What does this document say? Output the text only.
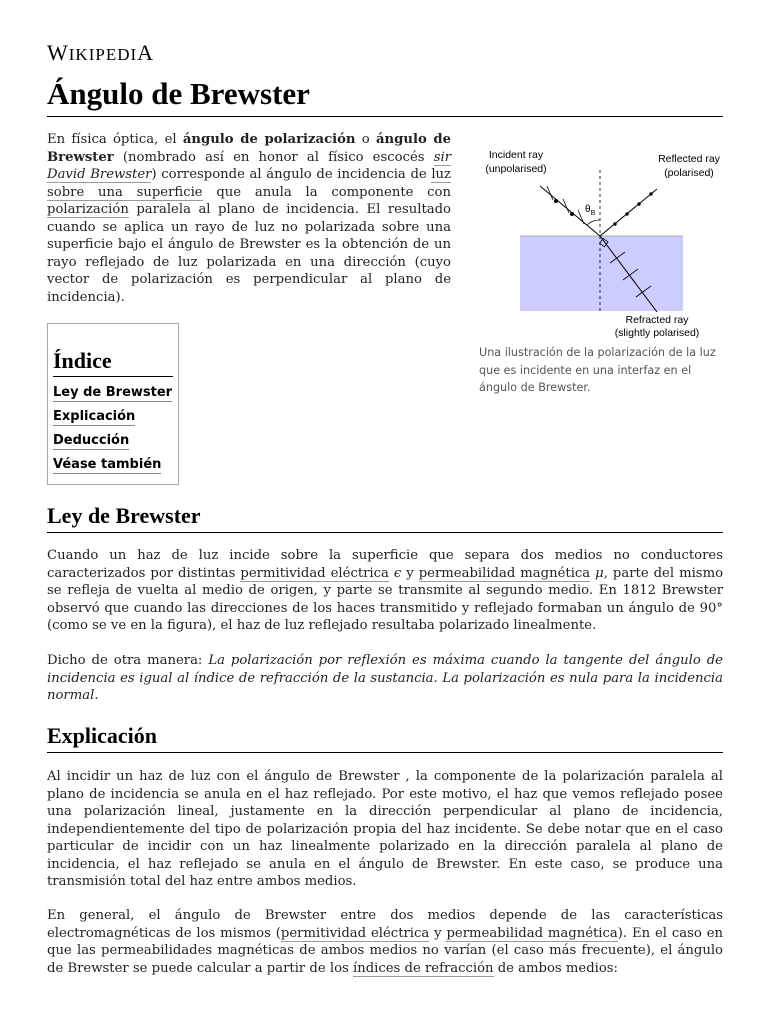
WIKIPEDIA
Ángulo de Brewster

En física óptica, el ángulo de polarización o ángulo de Brewster (nombrado así en honor al físico escocés sir David Brewster) corresponde al ángulo de incidencia de luz sobre una superficie que anula la componente con polarización paralela al plano de incidencia. El resultado cuando se aplica un rayo de luz no polarizada sobre una superficie bajo el ángulo de Brewster es la obtención de un rayo reflejado de luz polarizada en una dirección (cuyo vector de polarización es perpendicular al plano de incidencia).

$\theta_B$
Incident ray
(unpolarised)
Reflected ray
(polarised)
Refracted ray
(slightly polarised)
Una ilustración de la polarización de la luz que es incidente en una interfaz en el ángulo de Brewster.
Índice
Ley de Brewster
Explicación
Deducción
Véase también
Ley de Brewster

Cuando un haz de luz incide sobre la superficie que separa dos medios no conductores caracterizados por distintas permitividad eléctrica ϵ y permeabilidad magnética μ, parte del mismo se refleja de vuelta al medio de origen, y parte se transmite al segundo medio. En 1812 Brewster observó que cuando las direcciones de los haces transmitido y reflejado formaban un ángulo de 90° (como se ve en la figura), el haz de luz reflejado resultaba polarizado linealmente.

Dicho de otra manera: La polarización por reflexión es máxima cuando la tangente del ángulo de incidencia es igual al índice de refracción de la sustancia. La polarización es nula para la incidencia normal.

Explicación

Al incidir un haz de luz con el ángulo de Brewster , la componente de la polarización paralela al plano de incidencia se anula en el haz reflejado. Por este motivo, el haz que vemos reflejado posee una polarización lineal, justamente en la dirección perpendicular al plano de incidencia, independientemente del tipo de polarización propia del haz incidente. Se debe notar que en el caso particular de incidir con un haz linealmente polarizado en la dirección paralela al plano de incidencia, el haz reflejado se anula en el ángulo de Brewster. En este caso, se produce una transmisión total del haz entre ambos medios.

En general, el ángulo de Brewster entre dos medios depende de las características electromagnéticas de los mismos (permitividad eléctrica y permeabilidad magnética). En el caso en que las permeabilidades magnéticas de ambos medios no varían (el caso más frecuente), el ángulo de Brewster se puede calcular a partir de los índices de refracción de ambos medios:
